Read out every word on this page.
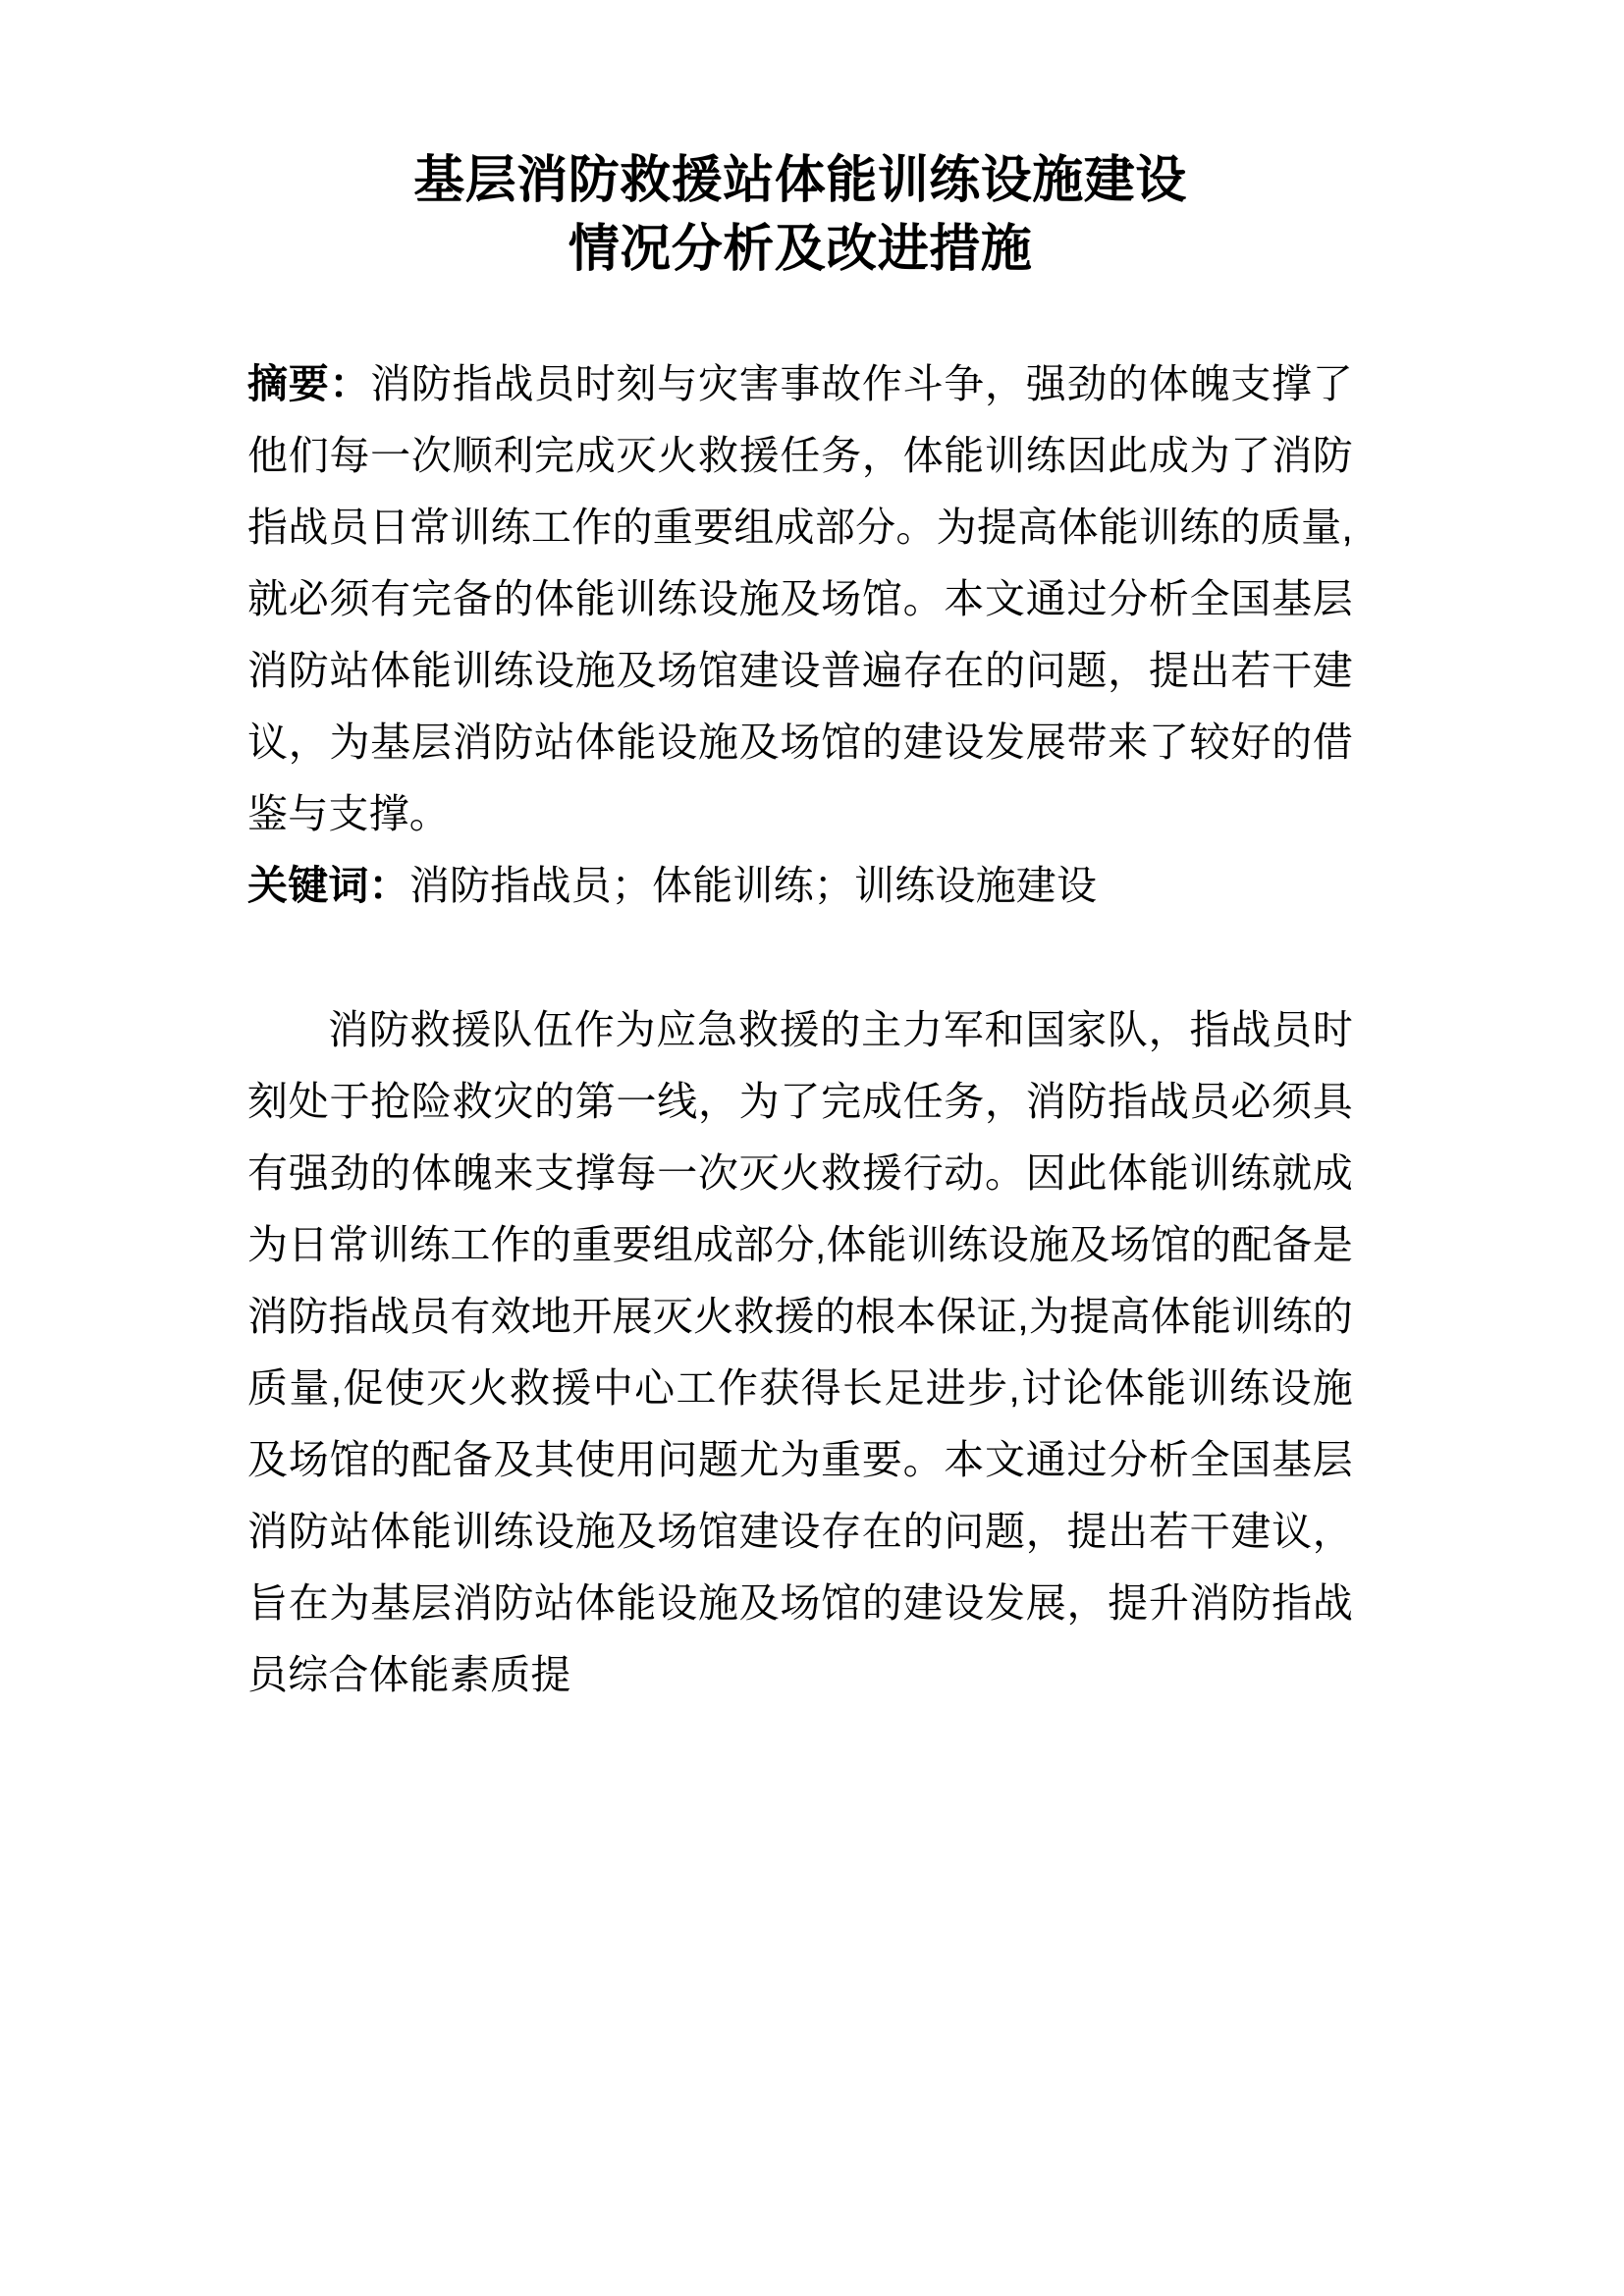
基层消防救援站体能训练设施建设
情况分析及改进措施

摘要：消防指战员时刻与灾害事故作斗争，强劲的体魄支撑了他们每一次顺利完成灭火救援任务，体能训练因此成为了消防指战员日常训练工作的重要组成部分。为提高体能训练的质量,就必须有完备的体能训练设施及场馆。本文通过分析全国基层消防站体能训练设施及场馆建设普遍存在的问题，提出若干建议，为基层消防站体能设施及场馆的建设发展带来了较好的借鉴与支撑。

关键词：消防指战员；体能训练；训练设施建设

消防救援队伍作为应急救援的主力军和国家队，指战员时刻处于抢险救灾的第一线，为了完成任务，消防指战员必须具有强劲的体魄来支撑每一次灭火救援行动。因此体能训练就成为日常训练工作的重要组成部分,体能训练设施及场馆的配备是消防指战员有效地开展灭火救援的根本保证,为提高体能训练的质量,促使灭火救援中心工作获得长足进步,讨论体能训练设施及场馆的配备及其使用问题尤为重要。本文通过分析全国基层消防站体能训练设施及场馆建设存在的问题，提出若干建议，旨在为基层消防站体能设施及场馆的建设发展，提升消防指战员综合体能素质提
